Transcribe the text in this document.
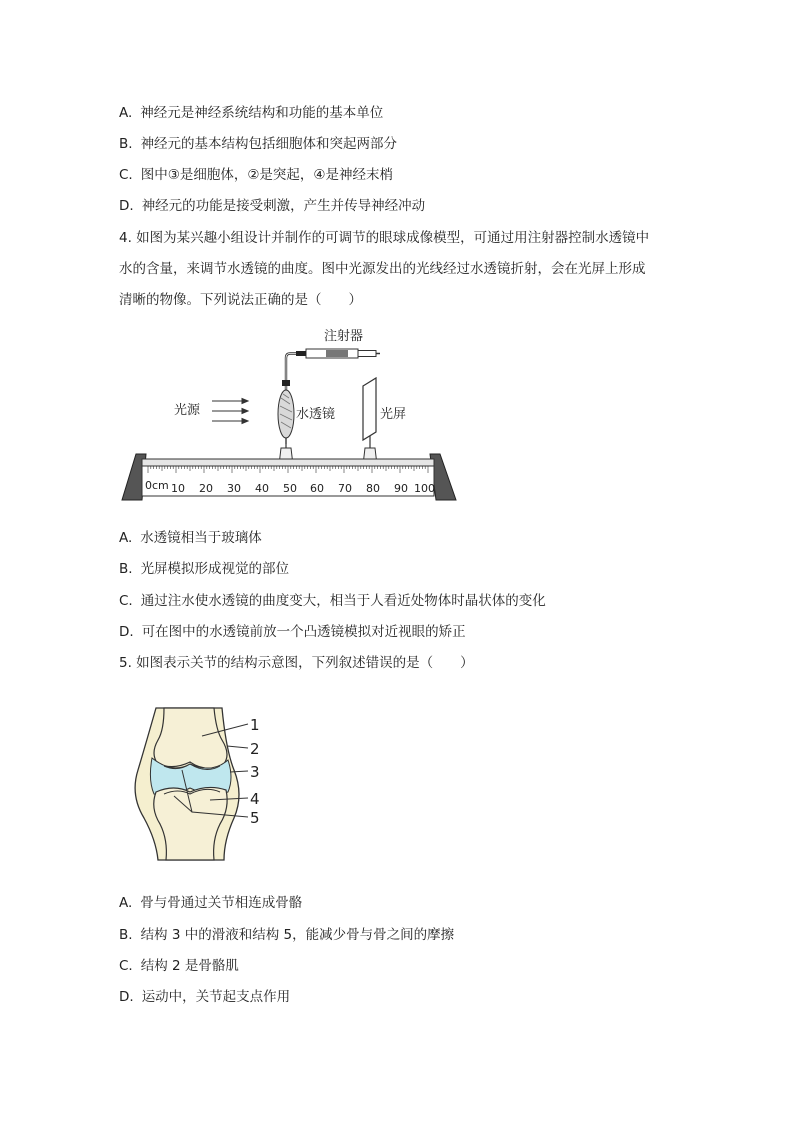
A. 神经元是神经系统结构和功能的基本单位
B. 神经元的基本结构包括细胞体和突起两部分
C. 图中③是细胞体，②是突起，④是神经末梢
D. 神经元的功能是接受刺激，产生并传导神经冲动
4. 如图为某兴趣小组设计并制作的可调节的眼球成像模型，可通过用注射器控制水透镜中
水的含量，来调节水透镜的曲度。图中光源发出的光线经过水透镜折射，会在光屏上形成
清晰的物像。下列说法正确的是（　　）
注射器
光源	水透镜	光屏
0cm 10 20 30 40 50 60 70 80 90 100
A. 水透镜相当于玻璃体
B. 光屏模拟形成视觉的部位
C. 通过注水使水透镜的曲度变大，相当于人看近处物体时晶状体的变化
D. 可在图中的水透镜前放一个凸透镜模拟对近视眼的矫正
5. 如图表示关节的结构示意图，下列叙述错误的是（　　）
1
2
3
4
5
A. 骨与骨通过关节相连成骨骼
B. 结构 3 中的滑液和结构 5，能减少骨与骨之间的摩擦
C. 结构 2 是骨骼肌
D. 运动中，关节起支点作用
